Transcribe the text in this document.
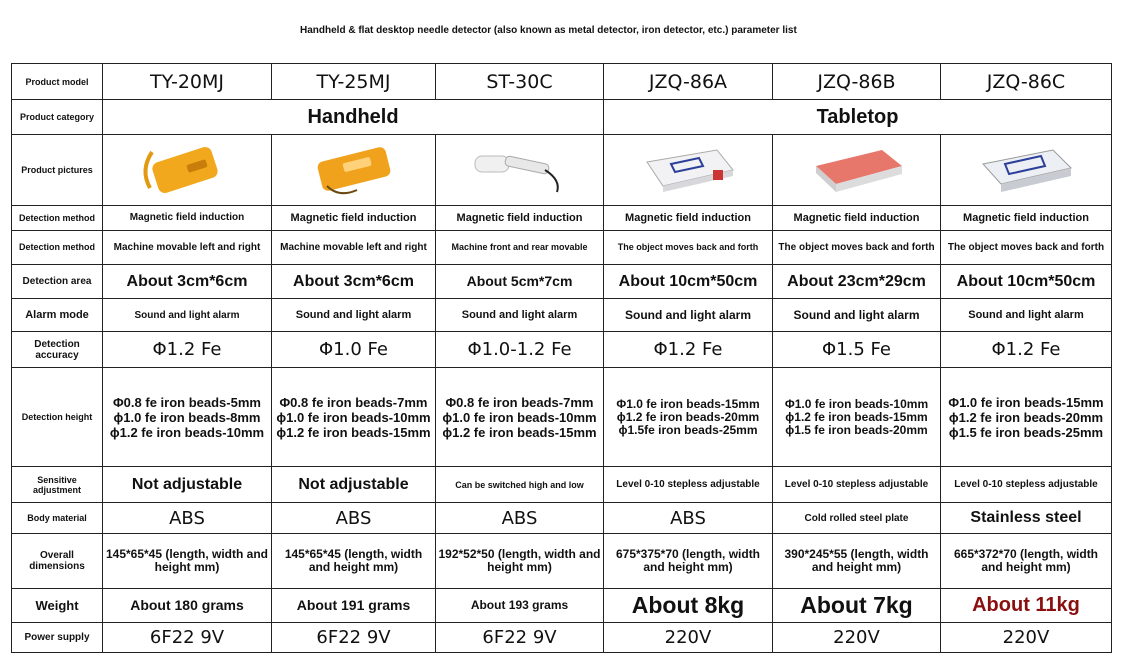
Handheld & flat desktop needle detector (also known as metal detector, iron detector, etc.) parameter list
Product model	TY-20MJ	TY-25MJ	ST-30C	JZQ-86A	JZQ-86B	JZQ-86C
Product category	Handheld			Tabletop		
Product pictures	

Detection method	Magnetic field induction	Magnetic field induction	Magnetic field induction	Magnetic field induction	Magnetic field induction	Magnetic field induction
Detection method	Machine movable left and right	Machine movable left and right	Machine front and rear movable	The object moves back and forth	The object moves back and forth	The object moves back and forth
Detection area	About 3cm*6cm	About 3cm*6cm	About 5cm*7cm	About 10cm*50cm	About 23cm*29cm	About 10cm*50cm
Alarm mode	Sound and light alarm	Sound and light alarm	Sound and light alarm	Sound and light alarm	Sound and light alarm	Sound and light alarm
Detection accuracy	Φ1.2 Fe	Φ1.0 Fe	Φ1.0-1.2 Fe	Φ1.2 Fe	Φ1.5 Fe	Φ1.2 Fe
Detection height	Φ0.8 fe iron beads-5mm ϕ1.0 fe iron beads-8mm ϕ1.2 fe iron beads-10mm	Φ0.8 fe iron beads-7mm ϕ1.0 fe iron beads-10mm ϕ1.2 fe iron beads-15mm	Φ0.8 fe iron beads-7mm ϕ1.0 fe iron beads-10mm ϕ1.2 fe iron beads-15mm	Φ1.0 fe iron beads-15mm ϕ1.2 fe iron beads-20mm ϕ1.5fe iron beads-25mm	Φ1.0 fe iron beads-10mm ϕ1.2 fe iron beads-15mm ϕ1.5 fe iron beads-20mm	Φ1.0 fe iron beads-15mm ϕ1.2 fe iron beads-20mm ϕ1.5 fe iron beads-25mm
Sensitive adjustment	Not adjustable	Not adjustable	Can be switched high and low	Level 0-10 stepless adjustable	Level 0-10 stepless adjustable	Level 0-10 stepless adjustable
Body material	ABS	ABS	ABS	ABS	Cold rolled steel plate	Stainless steel
Overall dimensions	145*65*45 (length, width and height mm)	145*65*45 (length, width and height mm)	192*52*50 (length, width and height mm)	675*375*70 (length, width and height mm)	390*245*55 (length, width and height mm)	665*372*70 (length, width and height mm)
Weight	About 180 grams	About 191 grams	About 193 grams	About 8kg	About 7kg	About 11kg
Power supply	6F22 9V	6F22 9V	6F22 9V	220V	220V	220V
